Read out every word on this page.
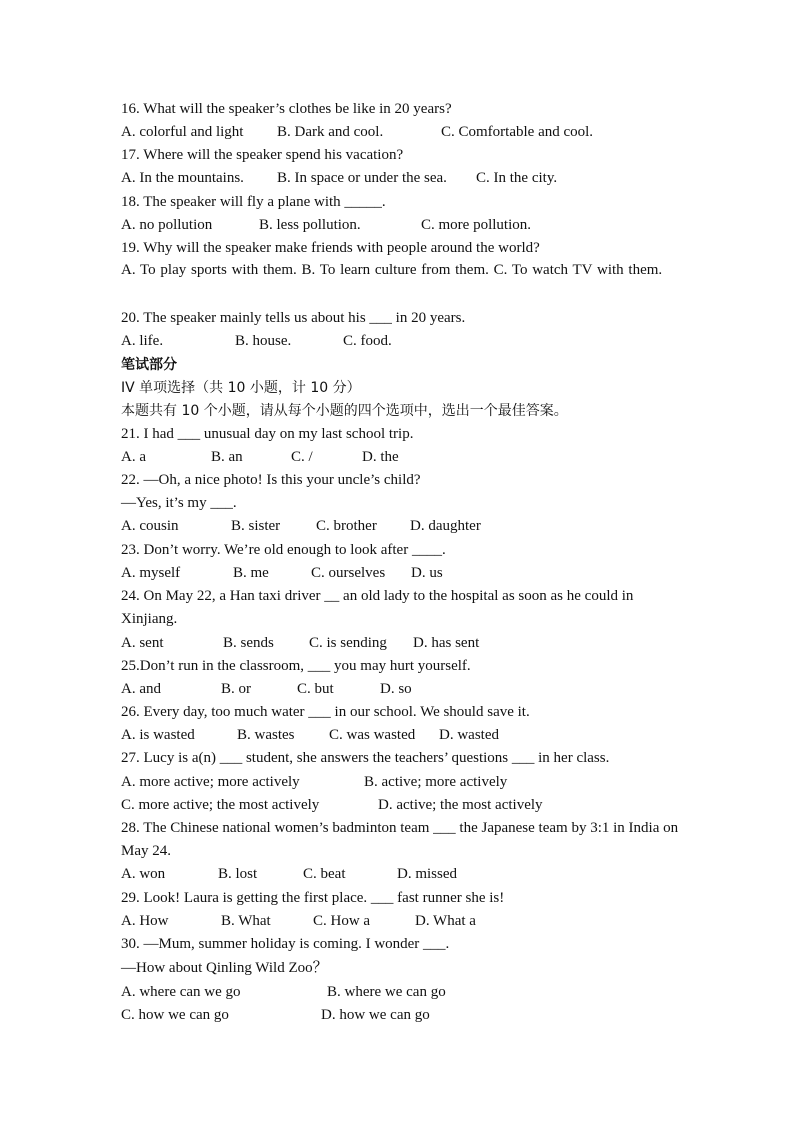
16. What will the speaker’s clothes be like in 20 years?
A. colorful and light B. Dark and cool.	C. Comfortable and cool.
17. Where will the speaker spend his vacation?
A. In the mountains. B. In space or under the sea. C. In the city.
18. The speaker will fly a plane with _____.
A. no pollution	B. less pollution.	C. more pollution.
19. Why will the speaker make friends with people around the world?
A. To play sports with them. B. To learn culture from them. C. To watch TV with them.
20. The speaker mainly tells us about his ___ in 20 years.
A. life.	B. house.	C. food.
笔试部分
IV 单项选择（共 10 小题，计 10 分）
本题共有 10 个小题，请从每个小题的四个选项中，选出一个最佳答案。
21. I had ___ unusual day on my last school trip.
A. a	B. an	C. /	D. the
22. —Oh, a nice photo! Is this your uncle’s child?
—Yes, it’s my ___.
A. cousin	B. sister C. brother D. daughter
23. Don’t worry. We’re old enough to look after ____.
A. myself	B. me	C. ourselves D. us
24. On May 22, a Han taxi driver __ an old lady to the hospital as soon as he could in Xinjiang.
A. sent	B. sends C. is sending D. has sent
25.Don’t run in the classroom, ___ you may hurt yourself.
A. and	B. or	C. but	D. so
26. Every day, too much water ___ in our school. We should save it.
A. is wasted	B. wastes C. was wasted D. wasted
27. Lucy is a(n) ___ student, she answers the teachers’ questions ___ in her class.
A. more active; more actively	B. active; more actively
C. more active; the most actively	D. active; the most actively
28. The Chinese national women’s badminton team ___ the Japanese team by 3:1 in India on May 24.
A. won	B. lost	C. beat	D. missed
29. Look! Laura is getting the first place. ___ fast runner she is!
A. How	B. What	C. How a	D. What a
30. —Mum, summer holiday is coming. I wonder ___.
—How about Qinling Wild Zoo？
A. where can we go	B. where we can go
C. how we can go	D. how we can go
